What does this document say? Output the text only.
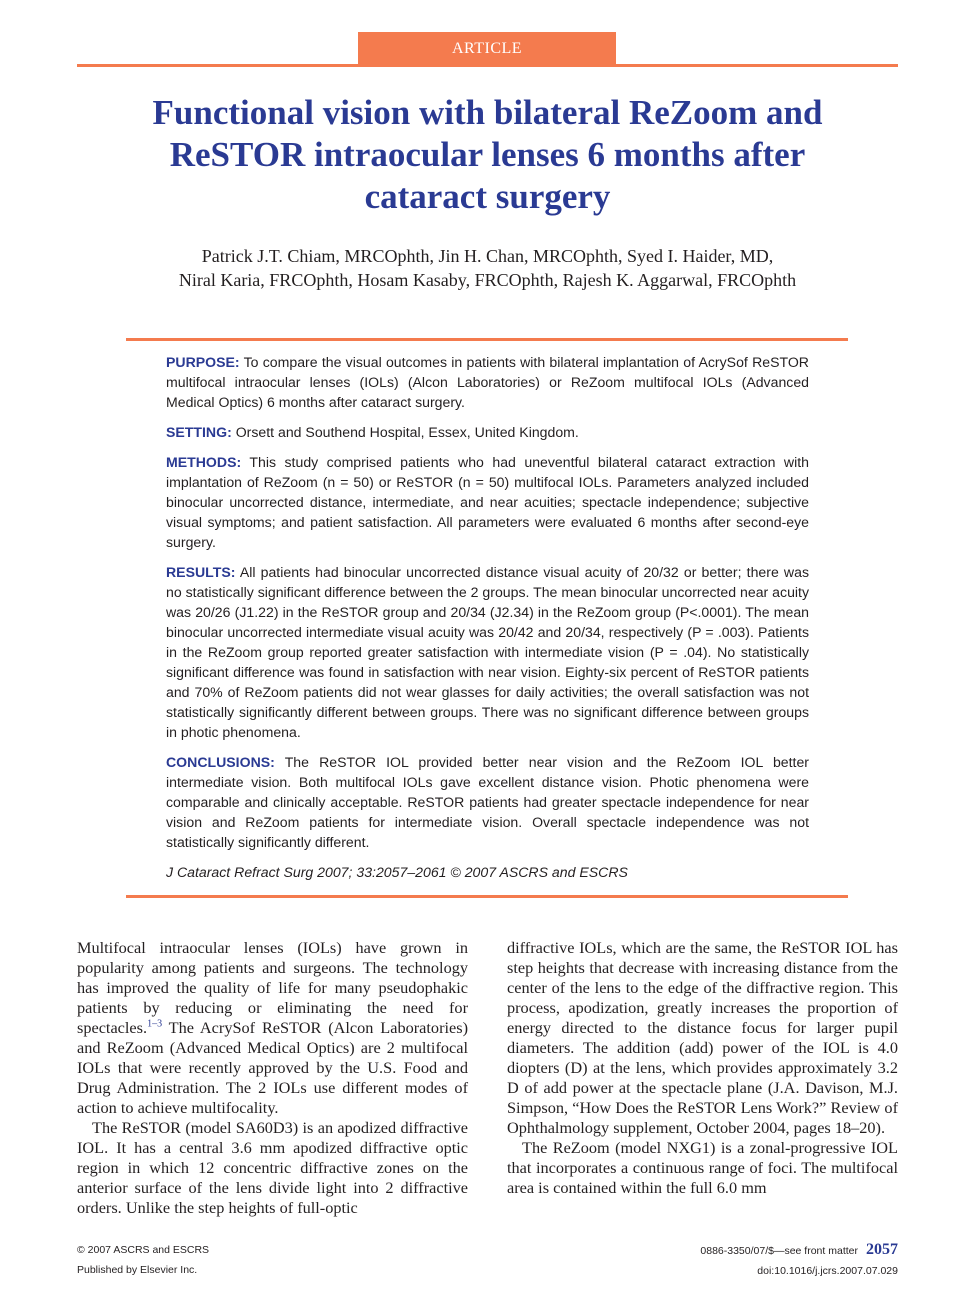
ARTICLE
Functional vision with bilateral ReZoom and ReSTOR intraocular lenses 6 months after cataract surgery
Patrick J.T. Chiam, MRCOphth, Jin H. Chan, MRCOphth, Syed I. Haider, MD,
Niral Karia, FRCOphth, Hosam Kasaby, FRCOphth, Rajesh K. Aggarwal, FRCOphth

PURPOSE: To compare the visual outcomes in patients with bilateral implantation of AcrySof ReSTOR multifocal intraocular lenses (IOLs) (Alcon Laboratories) or ReZoom multifocal IOLs (Advanced Medical Optics) 6 months after cataract surgery.

SETTING: Orsett and Southend Hospital, Essex, United Kingdom.

METHODS: This study comprised patients who had uneventful bilateral cataract extraction with implantation of ReZoom (n = 50) or ReSTOR (n = 50) multifocal IOLs. Parameters analyzed included binocular uncorrected distance, intermediate, and near acuities; spectacle independence; subjective visual symptoms; and patient satisfaction. All parameters were evaluated 6 months after second-eye surgery.

RESULTS: All patients had binocular uncorrected distance visual acuity of 20/32 or better; there was no statistically significant difference between the 2 groups. The mean binocular uncorrected near acuity was 20/26 (J1.22) in the ReSTOR group and 20/34 (J2.34) in the ReZoom group (P<.0001). The mean binocular uncorrected intermediate visual acuity was 20/42 and 20/34, respectively (P = .003). Patients in the ReZoom group reported greater satisfaction with intermediate vision (P = .04). No statistically significant difference was found in satisfaction with near vision. Eighty-six percent of ReSTOR patients and 70% of ReZoom patients did not wear glasses for daily activities; the overall satisfaction was not statistically significantly different between groups. There was no significant difference between groups in photic phenomena.

CONCLUSIONS: The ReSTOR IOL provided better near vision and the ReZoom IOL better intermediate vision. Both multifocal IOLs gave excellent distance vision. Photic phenomena were comparable and clinically acceptable. ReSTOR patients had greater spectacle independence for near vision and ReZoom patients for intermediate vision. Overall spectacle independence was not statistically significantly different.

J Cataract Refract Surg 2007; 33:2057–2061 © 2007 ASCRS and ESCRS

Multifocal intraocular lenses (IOLs) have grown in popularity among patients and surgeons. The technology has improved the quality of life for many pseudophakic patients by reducing or eliminating the need for spectacles.$^{1-3}$ The AcrySof ReSTOR (Alcon Laboratories) and ReZoom (Advanced Medical Optics) are 2 multifocal IOLs that were recently approved by the U.S. Food and Drug Administration. The 2 IOLs use different modes of action to achieve multifocality.

The ReSTOR (model SA60D3) is an apodized diffractive IOL. It has a central 3.6 mm apodized diffractive optic region in which 12 concentric diffractive zones on the anterior surface of the lens divide light into 2 diffractive orders. Unlike the step heights of full-optic

diffractive IOLs, which are the same, the ReSTOR IOL has step heights that decrease with increasing distance from the center of the lens to the edge of the diffractive region. This process, apodization, greatly increases the proportion of energy directed to the distance focus for larger pupil diameters. The addition (add) power of the IOL is 4.0 diopters (D) at the lens, which provides approximately 3.2 D of add power at the spectacle plane (J.A. Davison, M.J. Simpson, “How Does the ReSTOR Lens Work?” Review of Ophthalmology supplement, October 2004, pages 18–20).

The ReZoom (model NXG1) is a zonal-progressive IOL that incorporates a continuous range of foci. The multifocal area is contained within the full 6.0 mm

© 2007 ASCRS and ESCRS
Published by Elsevier Inc.
0886-3350/07/$—see front matter 2057
doi:10.1016/j.jcrs.2007.07.029
